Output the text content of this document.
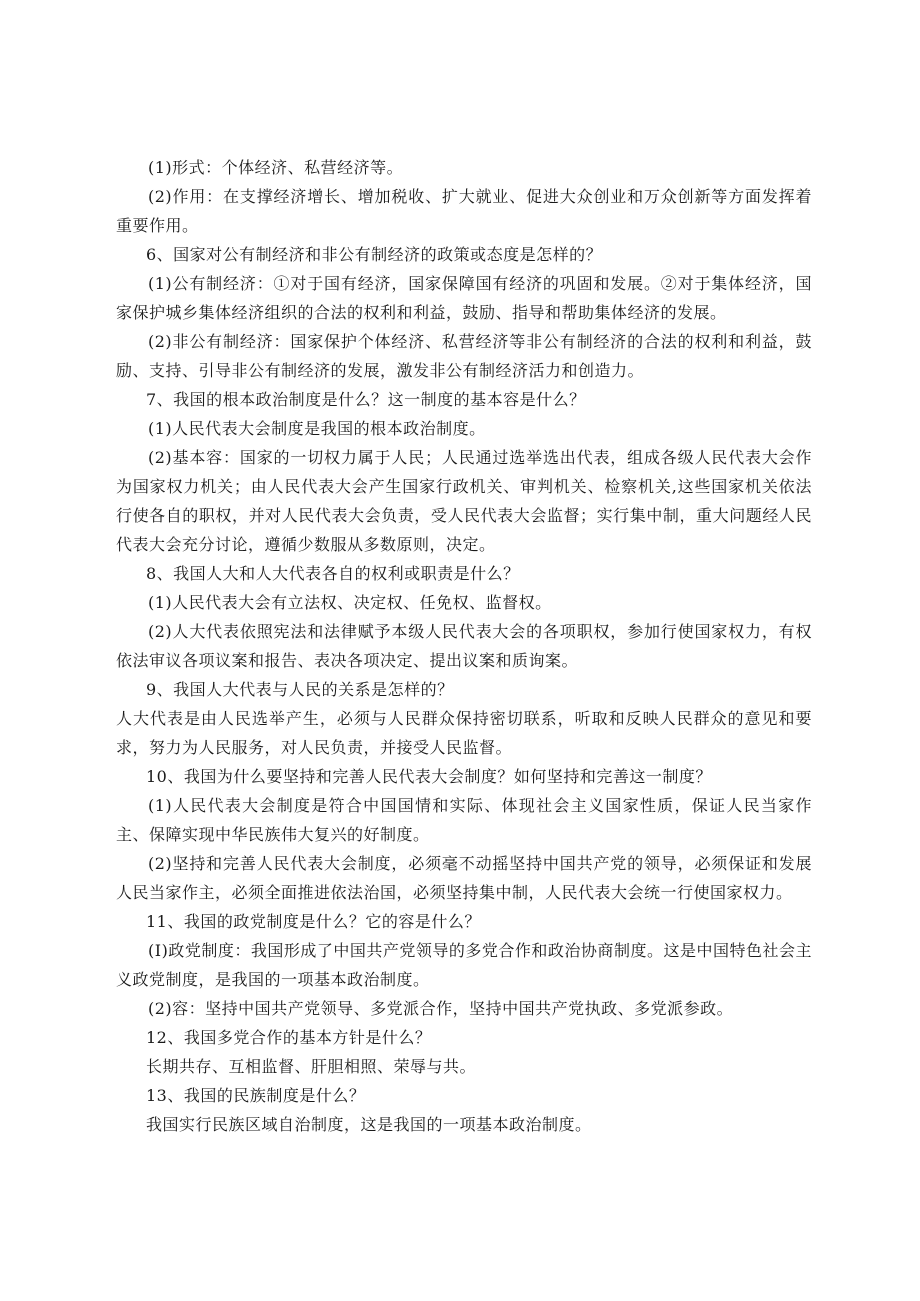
(1)形式：个体经济、私营经济等。

(2)作用：在支撑经济增长、增加税收、扩大就业、促进大众创业和万众创新等方面发挥着重要作用。

6、国家对公有制经济和非公有制经济的政策或态度是怎样的？

(1)公有制经济：①对于国有经济，国家保障国有经济的巩固和发展。②对于集体经济，国家保护城乡集体经济组织的合法的权利和利益，鼓励、指导和帮助集体经济的发展。

(2)非公有制经济：国家保护个体经济、私营经济等非公有制经济的合法的权利和利益，鼓励、支持、引导非公有制经济的发展，激发非公有制经济活力和创造力。

7、我国的根本政治制度是什么？这一制度的基本容是什么？

(1)人民代表大会制度是我国的根本政治制度。

(2)基本容：国家的一切权力属于人民；人民通过选举选出代表，组成各级人民代表大会作为国家权力机关；由人民代表大会产生国家行政机关、审判机关、检察机关,这些国家机关依法行使各自的职权，并对人民代表大会负责，受人民代表大会监督；实行集中制，重大问题经人民代表大会充分讨论，遵循少数服从多数原则，决定。

8、我国人大和人大代表各自的权利或职责是什么？

(1)人民代表大会有立法权、决定权、任免权、监督权。

(2)人大代表依照宪法和法律赋予本级人民代表大会的各项职权，参加行使国家权力，有权依法审议各项议案和报告、表决各项决定、提出议案和质询案。

9、我国人大代表与人民的关系是怎样的？

人大代表是由人民选举产生，必须与人民群众保持密切联系，听取和反映人民群众的意见和要求，努力为人民服务，对人民负责，并接受人民监督。

10、我国为什么要坚持和完善人民代表大会制度？如何坚持和完善这一制度？

(1)人民代表大会制度是符合中国国情和实际、体现社会主义国家性质，保证人民当家作主、保障实现中华民族伟大复兴的好制度。

(2)坚持和完善人民代表大会制度，必须毫不动摇坚持中国共产党的领导，必须保证和发展人民当家作主，必须全面推进依法治国，必须坚持集中制，人民代表大会统一行使国家权力。

11、我国的政党制度是什么？它的容是什么？

(I)政党制度：我国形成了中国共产党领导的多党合作和政治协商制度。这是中国特色社会主义政党制度，是我国的一项基本政治制度。

(2)容：坚持中国共产党领导、多党派合作，坚持中国共产党执政、多党派参政。

12、我国多党合作的基本方针是什么？

长期共存、互相监督、肝胆相照、荣辱与共。

13、我国的民族制度是什么？

我国实行民族区域自治制度，这是我国的一项基本政治制度。
